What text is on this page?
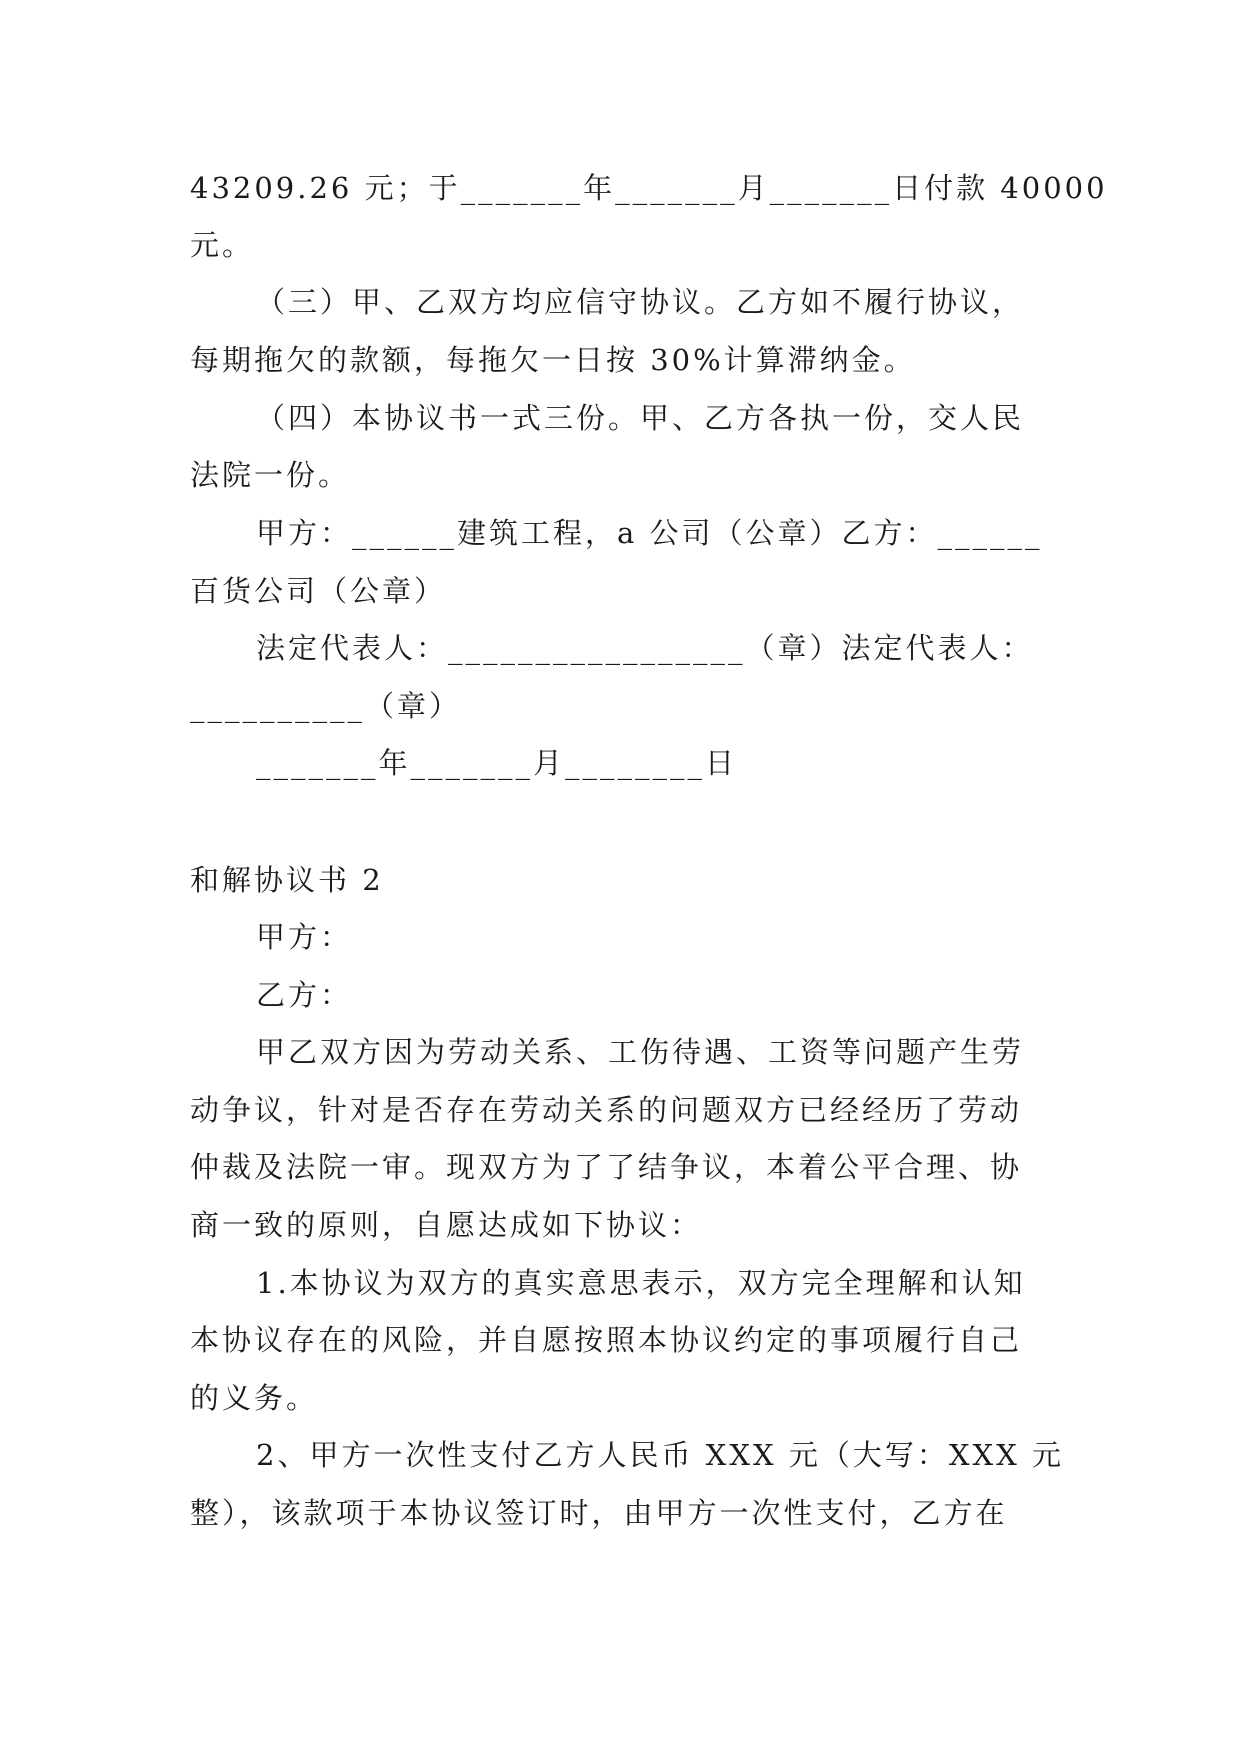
43209.26 元；于_______年_______月_______日付款 40000

元。

（三）甲、乙双方均应信守协议。乙方如不履行协议，

每期拖欠的款额，每拖欠一日按 30%计算滞纳金。

（四）本协议书一式三份。甲、乙方各执一份，交人民

法院一份。

甲方：______建筑工程，a 公司（公章）乙方：______

百货公司（公章）

法定代表人：_________________（章）法定代表人：

__________（章）

_______年_______月________日

和解协议书 2

甲方：

乙方：

甲乙双方因为劳动关系、工伤待遇、工资等问题产生劳

动争议，针对是否存在劳动关系的问题双方已经经历了劳动

仲裁及法院一审。现双方为了了结争议，本着公平合理、协

商一致的原则，自愿达成如下协议：

1.本协议为双方的真实意思表示，双方完全理解和认知

本协议存在的风险，并自愿按照本协议约定的事项履行自己

的义务。

2、甲方一次性支付乙方人民币 XXX 元（大写：XXX 元

整），该款项于本协议签订时，由甲方一次性支付，乙方在
